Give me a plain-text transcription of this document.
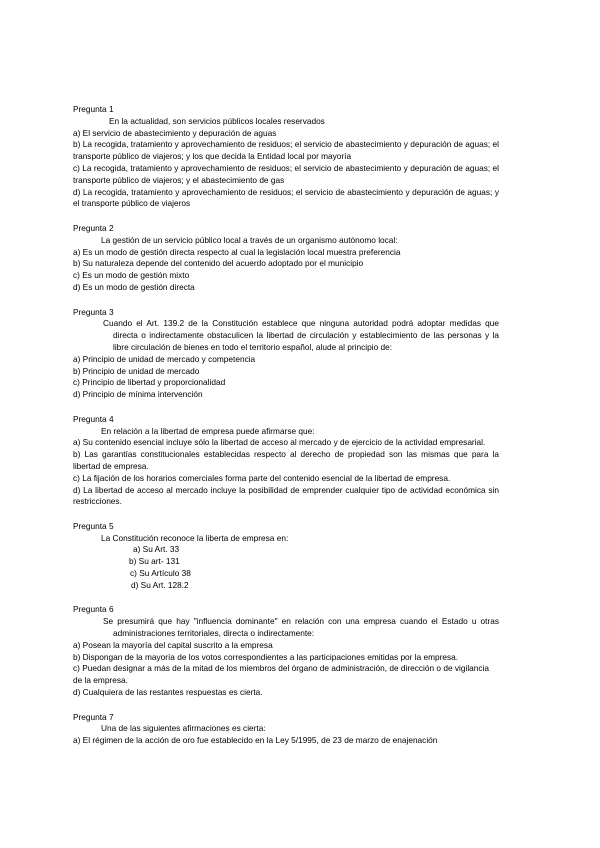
Pregunta 1

En la actualidad, son servicios públicos locales reservados

a) El servicio de abastecimiento y depuración de aguas

b) La recogida, tratamiento y aprovechamiento de residuos; el servicio de abastecimiento y depuración de aguas; el transporte público de viajeros; y los que decida la Entidad local por mayoría

c) La recogida, tratamiento y aprovechamiento de residuos; el servicio de abastecimiento y depuración de aguas; el transporte público de viajeros; y el abastecimiento de gas

d) La recogida, tratamiento y aprovechamiento de residuos; el servicio de abastecimiento y depuración de aguas; y el transporte público de viajeros

Pregunta 2

La gestión de un servicio público local a través de un organismo autónomo local:

a) Es un modo de gestión directa respecto al cual la legislación local muestra preferencia

b) Su naturaleza depende del contenido del acuerdo adoptado por el municipio

c) Es un modo de gestión mixto

d) Es un modo de gestión directa

Pregunta 3

Cuando el Art. 139.2 de la Constitución establece que ninguna autoridad podrá adoptar medidas que directa o indirectamente obstaculicen la libertad de circulación y establecimiento de las personas y la libre circulación de bienes en todo el territorio español, alude al principio de:

a) Principio de unidad de mercado y competencia

b) Principio de unidad de mercado

c) Principio de libertad y proporcionalidad

d) Principio de mínima intervención

Pregunta 4

En relación a la libertad de empresa puede afirmarse que:

a) Su contenido esencial incluye sólo la libertad de acceso al mercado y de ejercicio de la actividad empresarial.

b) Las garantías constitucionales establecidas respecto al derecho de propiedad son las mismas que para la libertad de empresa.

c) La fijación de los horarios comerciales forma parte del contenido esencial de la libertad de empresa.

d) La libertad de acceso al mercado incluye la posibilidad de emprender cualquier tipo de actividad económica sin restricciones.

Pregunta 5

La Constitución reconoce la liberta de empresa en:

a) Su Art. 33

b) Su art- 131

c) Su Artículo 38

d) Su Art. 128.2

Pregunta 6

Se presumirá que hay "influencia dominante" en relación con una empresa cuando el Estado u otras administraciones territoriales, directa o indirectamente:

a) Posean la mayoría del capital suscrito a la empresa

b) Dispongan de la mayoría de los votos correspondientes a las participaciones emitidas por la empresa.

c) Puedan designar a más de la mitad de los miembros del órgano de administración, de dirección o de vigilancia de la empresa.

d) Cualquiera de las restantes respuestas es cierta.

Pregunta 7

Una de las siguientes afirmaciones es cierta:

a) El régimen de la acción de oro fue establecido en la Ley 5/1995, de 23 de marzo de enajenación
